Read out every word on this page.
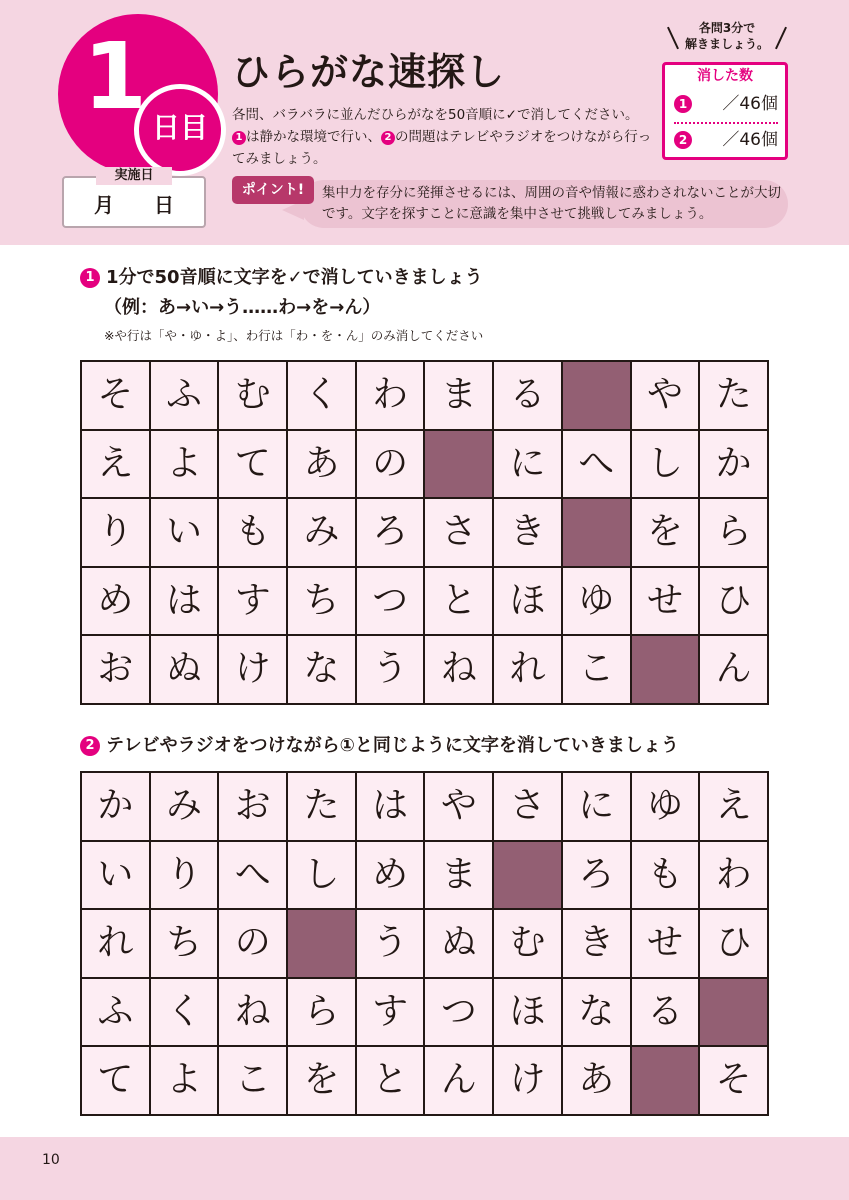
1 日目
実施日
月　　日
ひらがな速探し
各問、バラバラに並んだひらがなを50音順に✓で消してください。
1 は静かな環境で行い、 2 の問題はテレビやラジオをつけながら行ってみましょう。
ポイント!	集中力を存分に発揮させるには、周囲の音や情報に惑わされないことが大切です。文字を探すことに意識を集中させて挑戦してみましょう。
各問3分で
解きましょう。
消した数
1 ／46個
2 ／46個
1 1分で50音順に文字を✓で消していきましょう
（例：あ→い→う……わ→を→ん）
※や行は「や・ゆ・よ」、わ行は「わ・を・ん」のみ消してください
そ ふ む く わ ま る	や た
え よ て あ の	に へ し か
り い も み ろ さ き	を ら
め は す ち つ と ほ ゆ せ ひ
お ぬ け な う ね れ こ	ん
2 テレビやラジオをつけながら①と同じように文字を消していきましょう
か み お た は や さ に ゆ え
い り へ し め ま	ろ も わ
れ ち の	う ぬ む き せ ひ
ふ く ね ら す つ ほ な る
て よ こ を と ん け あ	そ
10
